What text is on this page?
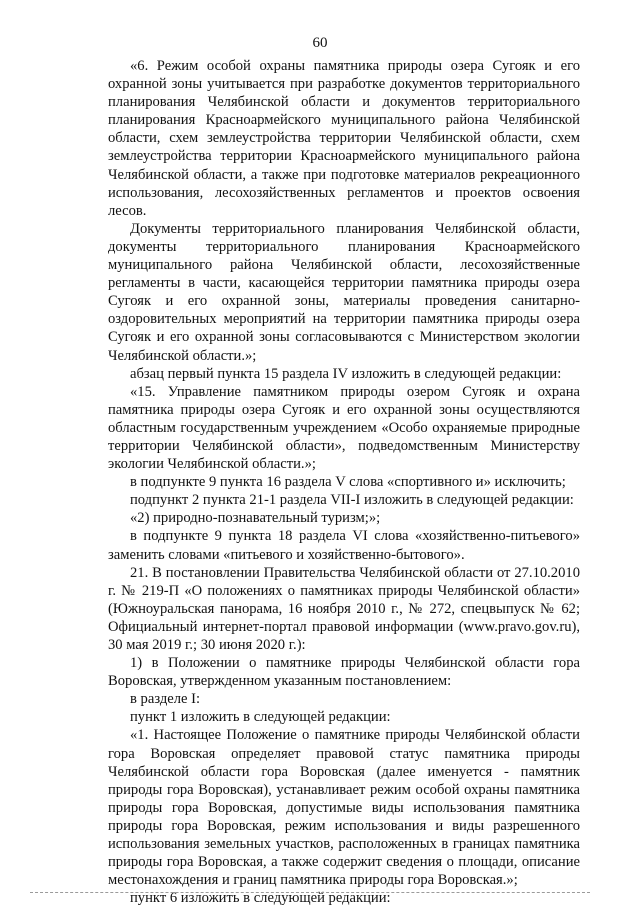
60

«6. Режим особой охраны памятника природы озера Сугояк и его охранной зоны учитывается при разработке документов территориального планирования Челябинской области и документов территориального планирования Красноармейского муниципального района Челябинской области, схем землеустройства территории Челябинской области, схем землеустройства территории Красноармейского муниципального района Челябинской области, а также при подготовке материалов рекреационного использования, лесохозяйственных регламентов и проектов освоения лесов.

Документы территориального планирования Челябинской области, документы территориального планирования Красноармейского муниципального района Челябинской области, лесохозяйственные регламенты в части, касающейся территории памятника природы озера Сугояк и его охранной зоны, материалы проведения санитарно-оздоровительных мероприятий на территории памятника природы озера Сугояк и его охранной зоны согласовываются с Министерством экологии Челябинской области.»;

абзац первый пункта 15 раздела IV изложить в следующей редакции:

«15. Управление памятником природы озером Сугояк и охрана памятника природы озера Сугояк и его охранной зоны осуществляются областным государственным учреждением «Особо охраняемые природные территории Челябинской области», подведомственным Министерству экологии Челябинской области.»;

в подпункте 9 пункта 16 раздела V слова «спортивного и» исключить;

подпункт 2 пункта 21-1 раздела VII-I изложить в следующей редакции:

«2) природно-познавательный туризм;»;

в подпункте 9 пункта 18 раздела VI слова «хозяйственно-питьевого» заменить словами «питьевого и хозяйственно-бытового».

21. В постановлении Правительства Челябинской области от 27.10.2010 г. № 219-П «О положениях о памятниках природы Челябинской области» (Южноуральская панорама, 16 ноября 2010 г., № 272, спецвыпуск № 62; Официальный интернет-портал правовой информации (www.pravo.gov.ru), 30 мая 2019 г.; 30 июня 2020 г.):

1) в Положении о памятнике природы Челябинской области гора Воровская, утвержденном указанным постановлением:

в разделе I:

пункт 1 изложить в следующей редакции:

«1. Настоящее Положение о памятнике природы Челябинской области гора Воровская определяет правовой статус памятника природы Челябинской области гора Воровская (далее именуется - памятник природы гора Воровская), устанавливает режим особой охраны памятника природы гора Воровская, допустимые виды использования памятника природы гора Воровская, режим использования и виды разрешенного использования земельных участков, расположенных в границах памятника природы гора Воровская, а также содержит сведения о площади, описание местонахождения и границ памятника природы гора Воровская.»;

пункт 6 изложить в следующей редакции:
